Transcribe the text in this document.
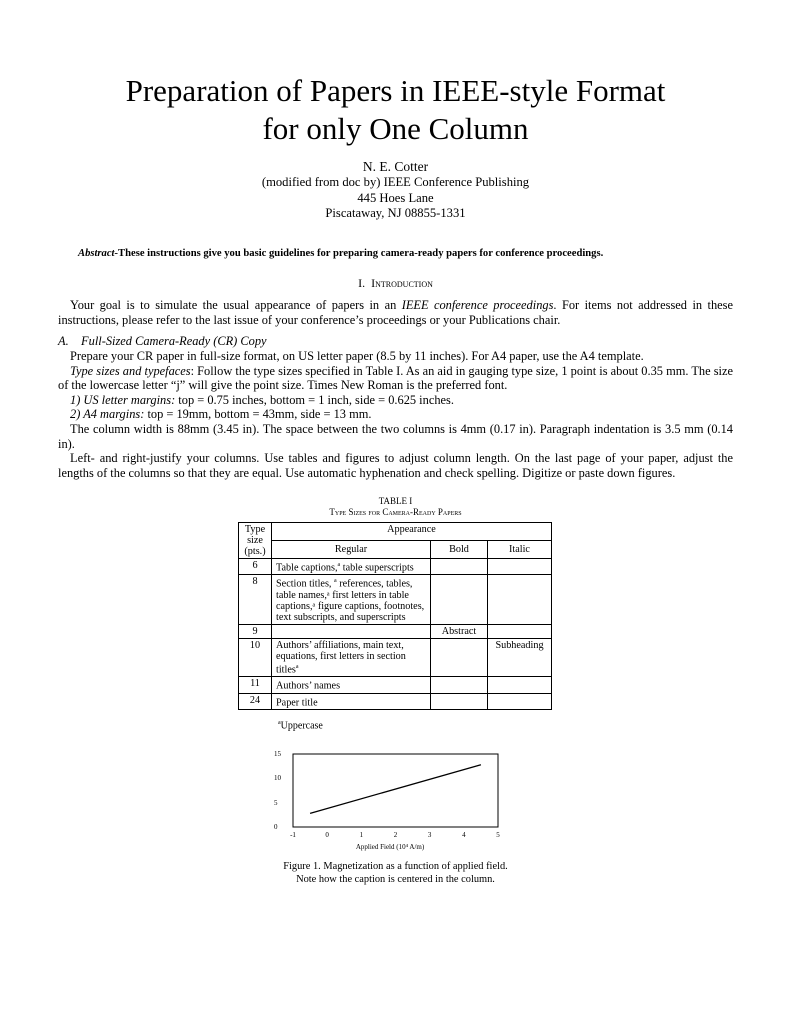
Preparation of Papers in IEEE-style Format
for only One Column
N. E. Cotter
(modified from doc by) IEEE Conference Publishing
445 Hoes Lane
Piscataway, NJ 08855-1331
Abstract-These instructions give you basic guidelines for preparing camera-ready papers for conference proceedings.
I. Introduction
Your goal is to simulate the usual appearance of papers in an IEEE conference proceedings. For items not addressed in these instructions, please refer to the last issue of your conference’s proceedings or your Publications chair.
A.    Full-Sized Camera-Ready (CR) Copy
Prepare your CR paper in full-size format, on US letter paper (8.5 by 11 inches). For A4 paper, use the A4 template.
Type sizes and typefaces: Follow the type sizes specified in Table I. As an aid in gauging type size, 1 point is about 0.35 mm. The size of the lowercase letter “j” will give the point size. Times New Roman is the preferred font.
1) US letter margins: top = 0.75 inches, bottom = 1 inch, side = 0.625 inches.
2) A4 margins: top = 19mm, bottom = 43mm, side = 13 mm.
The column width is 88mm (3.45 in). The space between the two columns is 4mm (0.17 in). Paragraph indentation is 3.5 mm (0.14 in).
Left- and right-justify your columns. Use tables and figures to adjust column length. On the last page of your paper, adjust the lengths of the columns so that they are equal. Use automatic hyphenation and check spelling. Digitize or paste down figures.
TABLE I
Type Sizes for Camera-Ready Papers
Type size (pts.)	Appearance		
	Regular	Bold	Italic
6	Table captions,$^a$ table superscripts		
8	Section titles, $^a$ references, tables, table names,ᵃ first letters in table captions,ᵃ figure captions, footnotes, text subscripts, and superscripts		
9		Abstract	
10	Authors’ affiliations, main text, equations, first letters in section titles$^a$		Subheading
11	Authors’ names		
24	Paper title		
$^a$Uppercase
-1	0	1	2	3	4	5
0
5
10
15
Applied Field (10⁴ A/m)
Figure 1. Magnetization as a function of applied field.
Note how the caption is centered in the column.
